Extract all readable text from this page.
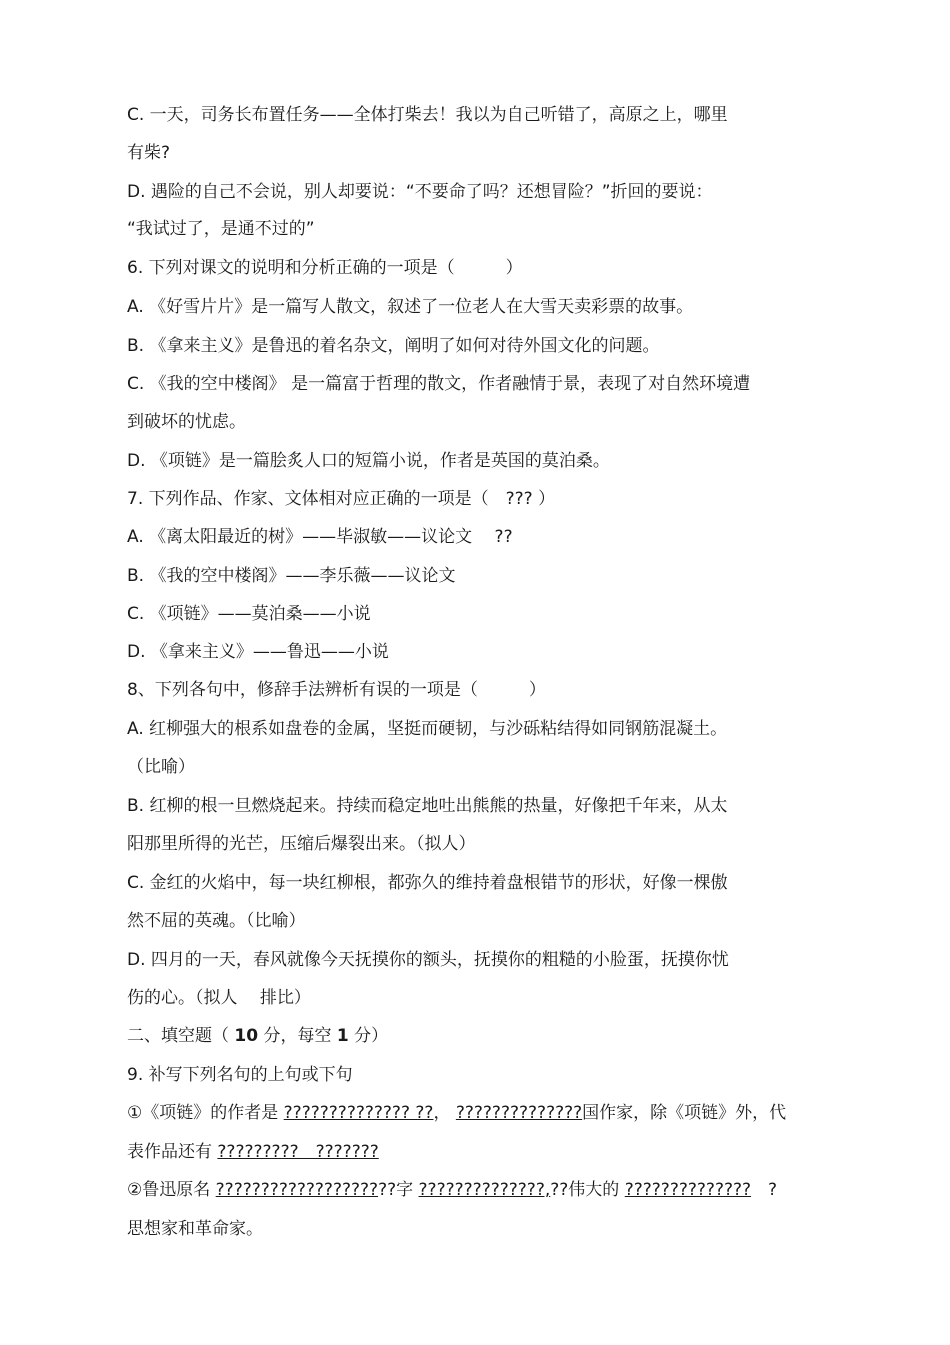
C. 一天，司务长布置任务——全体打柴去！我以为自己听错了，高原之上，哪里
有柴?
D. 遇险的自己不会说，别人却要说：“不要命了吗？还想冒险？”折回的要说：
“我试过了，是通不过的”
6. 下列对课文的说明和分析正确的一项是（　　　）
A. 《好雪片片》是一篇写人散文，叙述了一位老人在大雪天卖彩票的故事。
B. 《拿来主义》是鲁迅的着名杂文，阐明了如何对待外国文化的问题。
C. 《我的空中楼阁》 是一篇富于哲理的散文，作者融情于景，表现了对自然环境遭
到破坏的忧虑。
D. 《项链》是一篇脍炙人口的短篇小说，作者是英国的莫泊桑。
7. 下列作品、作家、文体相对应正确的一项是（　??? ）
A. 《离太阳最近的树》——毕淑敏——议论文　 ??
B. 《我的空中楼阁》——李乐薇——议论文
C. 《项链》——莫泊桑——小说
D. 《拿来主义》——鲁迅——小说
8、下列各句中，修辞手法辨析有误的一项是（　　　）
A. 红柳强大的根系如盘卷的金属，坚挺而硬韧，与沙砾粘结得如同钢筋混凝土。
（比喻）
B. 红柳的根一旦燃烧起来。持续而稳定地吐出熊熊的热量，好像把千年来，从太
阳那里所得的光芒，压缩后爆裂出来。（拟人）
C. 金红的火焰中，每一块红柳根，都弥久的维持着盘根错节的形状，好像一棵傲
然不屈的英魂。（比喻）
D. 四月的一天，春风就像今天抚摸你的额头，抚摸你的粗糙的小脸蛋，抚摸你忧
伤的心。（拟人　 排比）
二、填空题（ 10 分，每空 1 分）
9. 补写下列名句的上句或下句
①《项链》的作者是 ?????????????? ??， ??????????????国作家，除《项链》外，代
表作品还有 ?????????　???????
②鲁迅原名 ????????????????????字 ??????????????,??伟大的 ??????????????　?
思想家和革命家。
